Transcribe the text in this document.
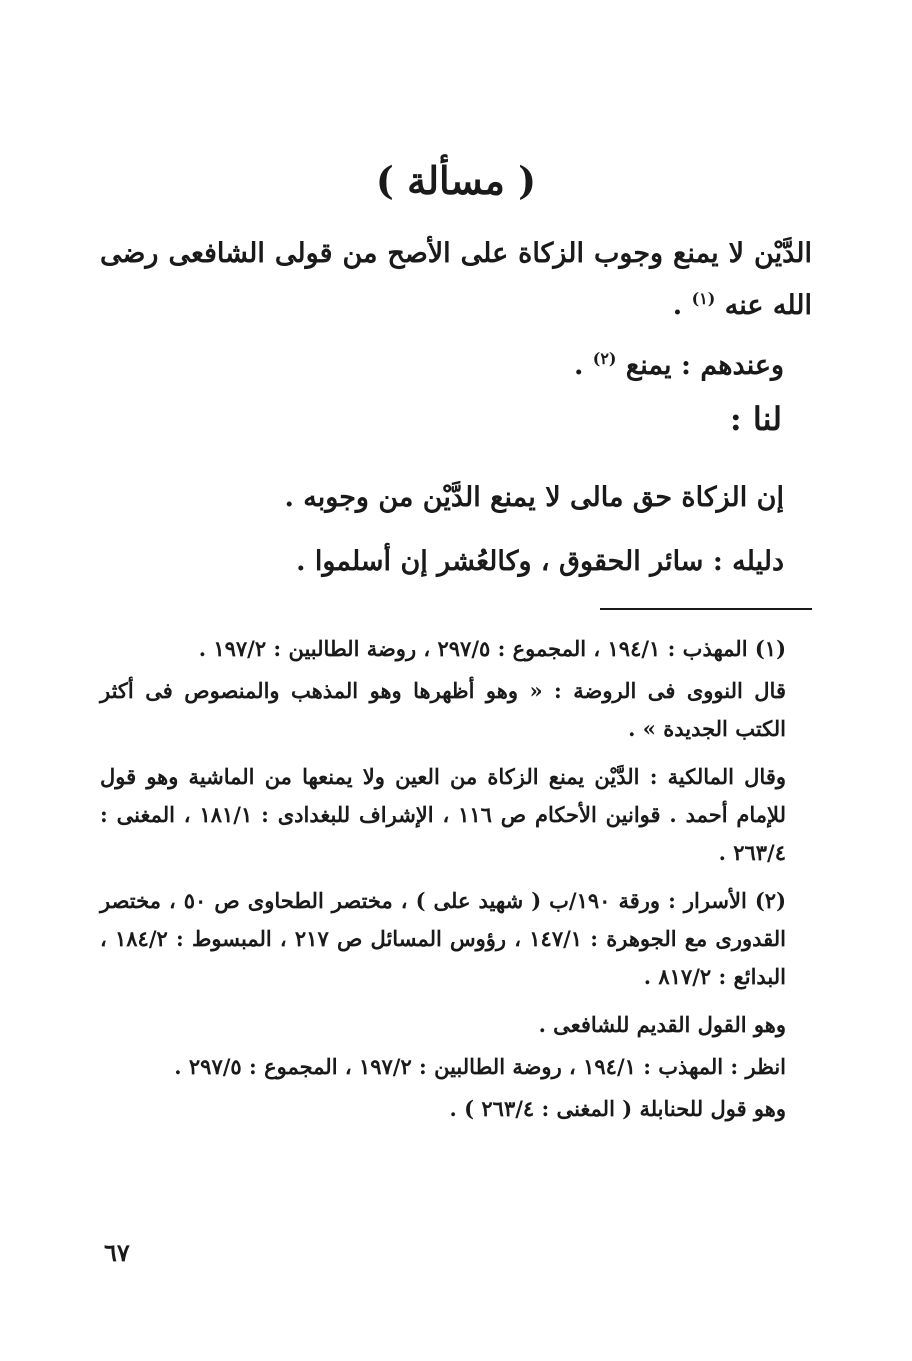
( مسألة )
الدَّيْن لا يمنع وجوب الزكاة على الأصح من قولى الشافعى رضى الله عنه $^{(١)}$ .
وعندهم : يمنع $^{(٢)}$ .
لنا :
إن الزكاة حق مالى لا يمنع الدَّيْن من وجوبه .
دليله : سائر الحقوق ، وكالعُشر إن أسلموا .

(١) المهذب : ١٩٤/١ ، المجموع : ٢٩٧/٥ ، روضة الطالبين : ١٩٧/٢ .

قال النووى فى الروضة : « وهو أظهرها وهو المذهب والمنصوص فى أكثر الكتب الجديدة » .

وقال المالكية : الدَّيْن يمنع الزكاة من العين ولا يمنعها من الماشية وهو قول للإمام أحمد . قوانين الأحكام ص ١١٦ ، الإشراف للبغدادى : ١٨١/١ ، المغنى : ٢٦٣/٤ .

(٢) الأسرار : ورقة ١٩٠/ب ( شهيد على ) ، مختصر الطحاوى ص ٥٠ ، مختصر القدورى مع الجوهرة : ١٤٧/١ ، رؤوس المسائل ص ٢١٧ ، المبسوط : ١٨٤/٢ ، البدائع : ٨١٧/٢ .

وهو القول القديم للشافعى .

انظر : المهذب : ١٩٤/١ ، روضة الطالبين : ١٩٧/٢ ، المجموع : ٢٩٧/٥ .

وهو قول للحنابلة ( المغنى : ٢٦٣/٤ ) .

٦٧
